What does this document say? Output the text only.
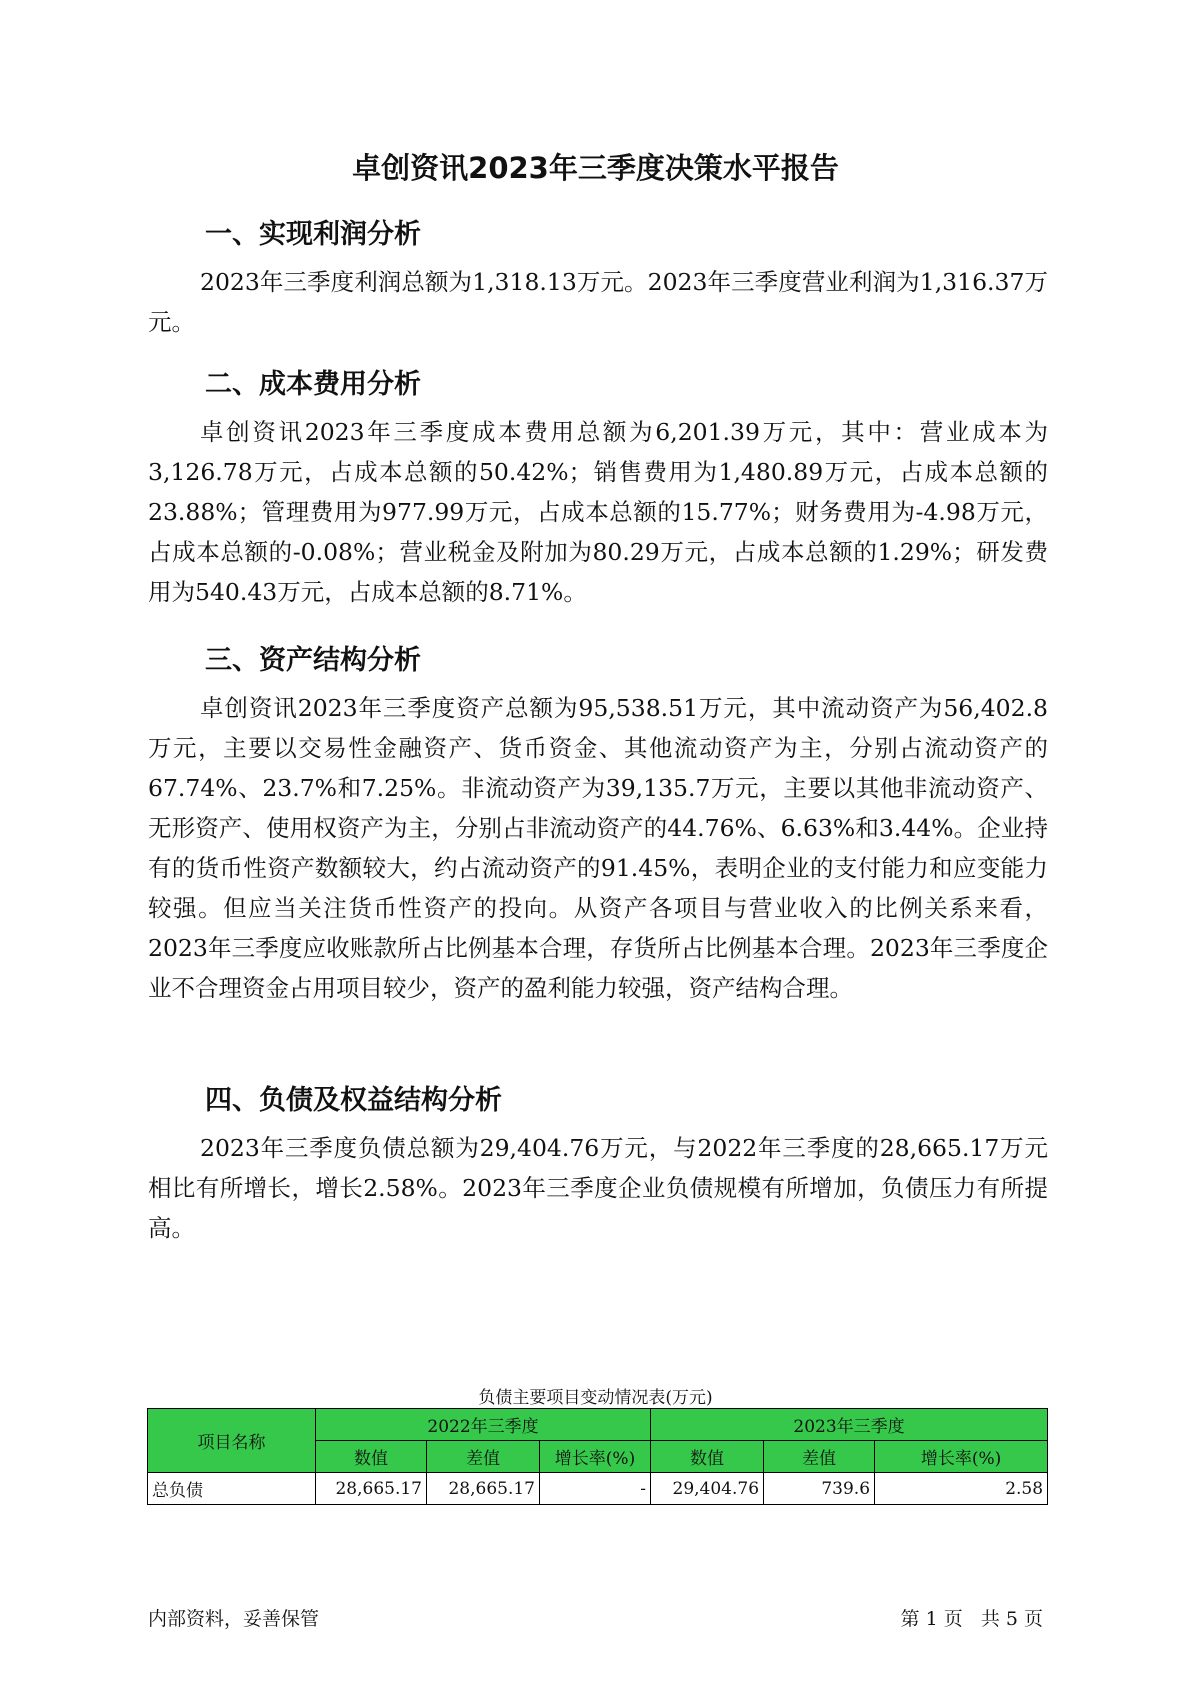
卓创资讯2023年三季度决策水平报告
一、实现利润分析
2023年三季度利润总额为1,318.13万元。2023年三季度营业利润为1,316.37万元。
二、成本费用分析
卓创资讯2023年三季度成本费用总额为6,201.39万元，其中：营业成本为3,126.78万元，占成本总额的50.42%；销售费用为1,480.89万元，占成本总额的23.88%；管理费用为977.99万元，占成本总额的15.77%；财务费用为-4.98万元，占成本总额的-0.08%；营业税金及附加为80.29万元，占成本总额的1.29%；研发费用为540.43万元，占成本总额的8.71%。
三、资产结构分析
卓创资讯2023年三季度资产总额为95,538.51万元，其中流动资产为56,402.8万元，主要以交易性金融资产、货币资金、其他流动资产为主，分别占流动资产的67.74%、23.7%和7.25%。非流动资产为39,135.7万元，主要以其他非流动资产、无形资产、使用权资产为主，分别占非流动资产的44.76%、6.63%和3.44%。企业持有的货币性资产数额较大，约占流动资产的91.45%，表明企业的支付能力和应变能力较强。但应当关注货币性资产的投向。从资产各项目与营业收入的比例关系来看，2023年三季度应收账款所占比例基本合理，存货所占比例基本合理。2023年三季度企业不合理资金占用项目较少，资产的盈利能力较强，资产结构合理。
四、负债及权益结构分析
2023年三季度负债总额为29,404.76万元，与2022年三季度的28,665.17万元相比有所增长，增长2.58%。2023年三季度企业负债规模有所增加，负债压力有所提高。
负债主要项目变动情况表(万元)
项目名称	2022年三季度			2023年三季度		
	数值	差值	增长率(%)	数值	差值	增长率(%)
总负债	28,665.17	28,665.17	-	29,404.76	739.6	2.58
内部资料，妥善保管	第 1 页   共 5 页
